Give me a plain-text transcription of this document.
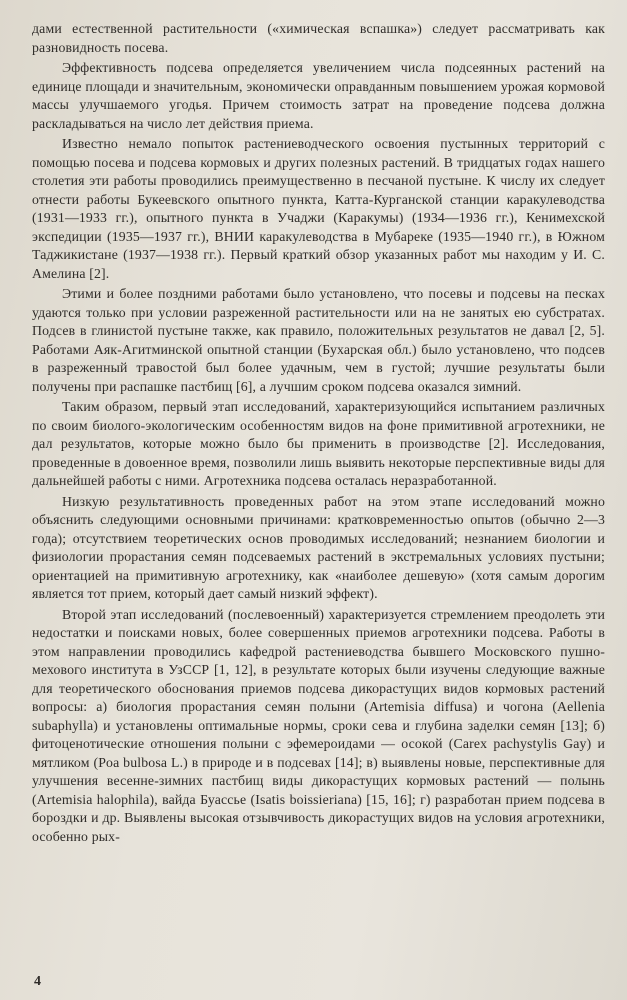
дами естественной растительности («химическая вспашка») следует рассматривать как разновидность посева.

Эффективность подсева определяется увеличением числа подсеянных растений на единице площади и значительным, экономически оправданным повышением урожая кормовой массы улучшаемого угодья. Причем стоимость затрат на проведение подсева должна раскладываться на число лет действия приема.

Известно немало попыток растениеводческого освоения пустынных территорий с помощью посева и подсева кормовых и других полезных растений. В тридцатых годах нашего столетия эти работы проводились преимущественно в песчаной пустыне. К числу их следует отнести работы Букеевского опытного пункта, Катта-Курганской станции каракулеводства (1931—1933 гг.), опытного пункта в Учаджи (Каракумы) (1934—1936 гг.), Кенимехской экспедиции (1935—1937 гг.), ВНИИ каракулеводства в Мубареке (1935—1940 гг.), в Южном Таджикистане (1937—1938 гг.). Первый краткий обзор указанных работ мы находим у И. С. Амелина [2].

Этими и более поздними работами было установлено, что посевы и подсевы на песках удаются только при условии разреженной растительности или на не занятых ею субстратах. Подсев в глинистой пустыне также, как правило, положительных результатов не давал [2, 5]. Работами Аяк-Агитминской опытной станции (Бухарская обл.) было установлено, что подсев в разреженный травостой был более удачным, чем в густой; лучшие результаты были получены при распашке пастбищ [6], а лучшим сроком подсева оказался зимний.

Таким образом, первый этап исследований, характеризующийся испытанием различных по своим биолого-экологическим особенностям видов на фоне примитивной агротехники, не дал результатов, которые можно было бы применить в производстве [2]. Исследования, проведенные в довоенное время, позволили лишь выявить некоторые перспективные виды для дальнейшей работы с ними. Агротехника подсева осталась неразработанной.

Низкую результативность проведенных работ на этом этапе исследований можно объяснить следующими основными причинами: кратковременностью опытов (обычно 2—3 года); отсутствием теоретических основ проводимых исследований; незнанием биологии и физиологии прорастания семян подсеваемых растений в экстремальных условиях пустыни; ориентацией на примитивную агротехнику, как «наиболее дешевую» (хотя самым дорогим является тот прием, который дает самый низкий эффект).

Второй этап исследований (послевоенный) характеризуется стремлением преодолеть эти недостатки и поисками новых, более совершенных приемов агротехники подсева. Работы в этом направлении проводились кафедрой растениеводства бывшего Московского пушно-мехового института в УзССР [1, 12], в результате которых были изучены следующие важные для теоретического обоснования приемов подсева дикорастущих видов кормовых растений вопросы: а) биология прорастания семян полыни (Artemisia diffusa) и чогона (Aellenia subaphylla) и установлены оптимальные нормы, сроки сева и глубина заделки семян [13]; б) фитоценотические отношения полыни с эфемероидами — осокой (Carex pachystylis Gay) и мятликом (Poa bulbosa L.) в природе и в подсевах [14]; в) выявлены новые, перспективные для улучшения весенне-зимних пастбищ виды дикорастущих кормовых растений — полынь (Artemisia halophila), вайда Буассье (Isatis boissieriana) [15, 16]; г) разработан прием подсева в бороздки и др. Выявлены высокая отзывчивость дикорастущих видов на условия агротехники, особенно рых-

4
